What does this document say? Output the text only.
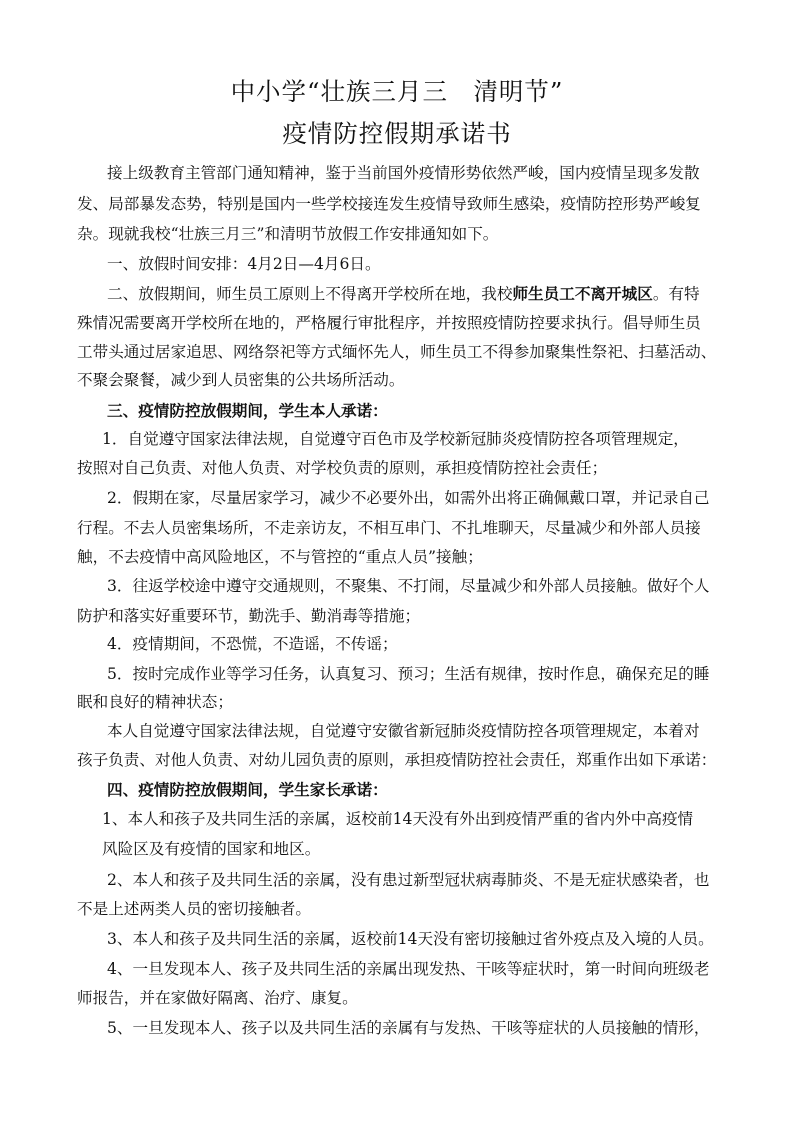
中小学“壮族三月三　清明节”
疫情防控假期承诺书

接上级教育主管部门通知精神，鉴于当前国外疫情形势依然严峻，国内疫情呈现多发散

发、局部暴发态势，特别是国内一些学校接连发生疫情导致师生感染，疫情防控形势严峻复

杂。现就我校“壮族三月三”和清明节放假工作安排通知如下。

一、放假时间安排：4月2日—4月6日。

二、放假期间，师生员工原则上不得离开学校所在地，我校师生员工不离开城区。有特

殊情况需要离开学校所在地的，严格履行审批程序，并按照疫情防控要求执行。倡导师生员

工带头通过居家追思、网络祭祀等方式缅怀先人，师生员工不得参加聚集性祭祀、扫墓活动、

不聚会聚餐，减少到人员密集的公共场所活动。

三、疫情防控放假期间，学生本人承诺：

1．自觉遵守国家法律法规，自觉遵守百色市及学校新冠肺炎疫情防控各项管理规定，

按照对自己负责、对他人负责、对学校负责的原则，承担疫情防控社会责任；

2．假期在家，尽量居家学习，减少不必要外出，如需外出将正确佩戴口罩，并记录自己

行程。不去人员密集场所，不走亲访友，不相互串门、不扎堆聊天，尽量减少和外部人员接

触，不去疫情中高风险地区，不与管控的“重点人员”接触；

3．往返学校途中遵守交通规则，不聚集、不打闹，尽量减少和外部人员接触。做好个人

防护和落实好重要环节，勤洗手、勤消毒等措施；

4．疫情期间，不恐慌，不造谣，不传谣；

5．按时完成作业等学习任务，认真复习、预习；生活有规律，按时作息，确保充足的睡

眠和良好的精神状态；

本人自觉遵守国家法律法规，自觉遵守安徽省新冠肺炎疫情防控各项管理规定，本着对

孩子负责、对他人负责、对幼儿园负责的原则，承担疫情防控社会责任，郑重作出如下承诺：

四、疫情防控放假期间，学生家长承诺：

1、本人和孩子及共同生活的亲属，返校前14天没有外出到疫情严重的省内外中高疫情

风险区及有疫情的国家和地区。

2、本人和孩子及共同生活的亲属，没有患过新型冠状病毒肺炎、不是无症状感染者，也

不是上述两类人员的密切接触者。

3、本人和孩子及共同生活的亲属，返校前14天没有密切接触过省外疫点及入境的人员。

4、一旦发现本人、孩子及共同生活的亲属出现发热、干咳等症状时，第一时间向班级老

师报告，并在家做好隔离、治疗、康复。

5、一旦发现本人、孩子以及共同生活的亲属有与发热、干咳等症状的人员接触的情形，
